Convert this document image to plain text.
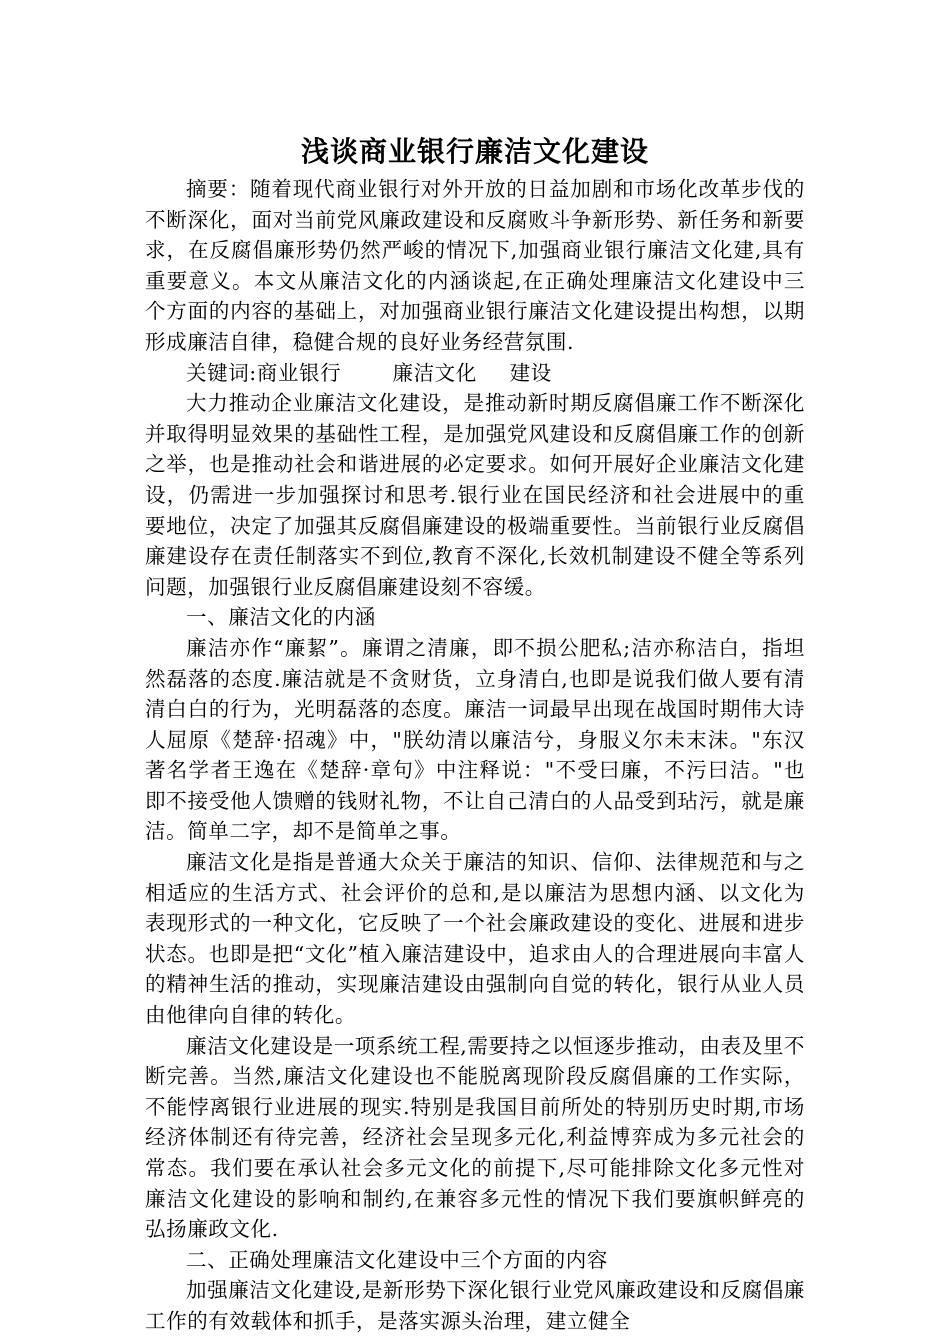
浅谈商业银行廉洁文化建设

摘要：随着现代商业银行对外开放的日益加剧和市场化改革步伐的不断深化，面对当前党风廉政建设和反腐败斗争新形势、新任务和新要求，在反腐倡廉形势仍然严峻的情况下,加强商业银行廉洁文化建,具有重要意义。本文从廉洁文化的内涵谈起,在正确处理廉洁文化建设中三个方面的内容的基础上，对加强商业银行廉洁文化建设提出构想，以期形成廉洁自律，稳健合规的良好业务经营氛围.

关键词:商业银行	廉洁文化 建设

大力推动企业廉洁文化建设，是推动新时期反腐倡廉工作不断深化并取得明显效果的基础性工程，是加强党风建设和反腐倡廉工作的创新之举，也是推动社会和谐进展的必定要求。如何开展好企业廉洁文化建设，仍需进一步加强探讨和思考.银行业在国民经济和社会进展中的重要地位，决定了加强其反腐倡廉建设的极端重要性。当前银行业反腐倡廉建设存在责任制落实不到位,教育不深化,长效机制建设不健全等系列问题，加强银行业反腐倡廉建设刻不容缓。

一、廉洁文化的内涵

廉洁亦作“廉絜”。廉谓之清廉，即不损公肥私;洁亦称洁白，指坦然磊落的态度.廉洁就是不贪财货，立身清白,也即是说我们做人要有清清白白的行为，光明磊落的态度。廉洁一词最早出现在战国时期伟大诗人屈原《楚辞·招魂》中，"朕幼清以廉洁兮，身服义尔未末沫。"东汉著名学者王逸在《楚辞·章句》中注释说："不受曰廉，不污曰洁。"也即不接受他人馈赠的钱财礼物，不让自己清白的人品受到玷污，就是廉洁。简单二字，却不是简单之事。

廉洁文化是指是普通大众关于廉洁的知识、信仰、法律规范和与之相适应的生活方式、社会评价的总和,是以廉洁为思想内涵、以文化为表现形式的一种文化，它反映了一个社会廉政建设的变化、进展和进步状态。也即是把“文化”植入廉洁建设中，追求由人的合理进展向丰富人的精神生活的推动，实现廉洁建设由强制向自觉的转化，银行从业人员由他律向自律的转化。

廉洁文化建设是一项系统工程,需要持之以恒逐步推动，由表及里不断完善。当然,廉洁文化建设也不能脱离现阶段反腐倡廉的工作实际，不能悖离银行业进展的现实.特别是我国目前所处的特别历史时期,市场经济体制还有待完善，经济社会呈现多元化,利益博弈成为多元社会的常态。我们要在承认社会多元文化的前提下,尽可能排除文化多元性对廉洁文化建设的影响和制约,在兼容多元性的情况下我们要旗帜鲜亮的弘扬廉政文化.

二、正确处理廉洁文化建设中三个方面的内容

加强廉洁文化建设,是新形势下深化银行业党风廉政建设和反腐倡廉工作的有效载体和抓手，是落实源头治理，建立健全
